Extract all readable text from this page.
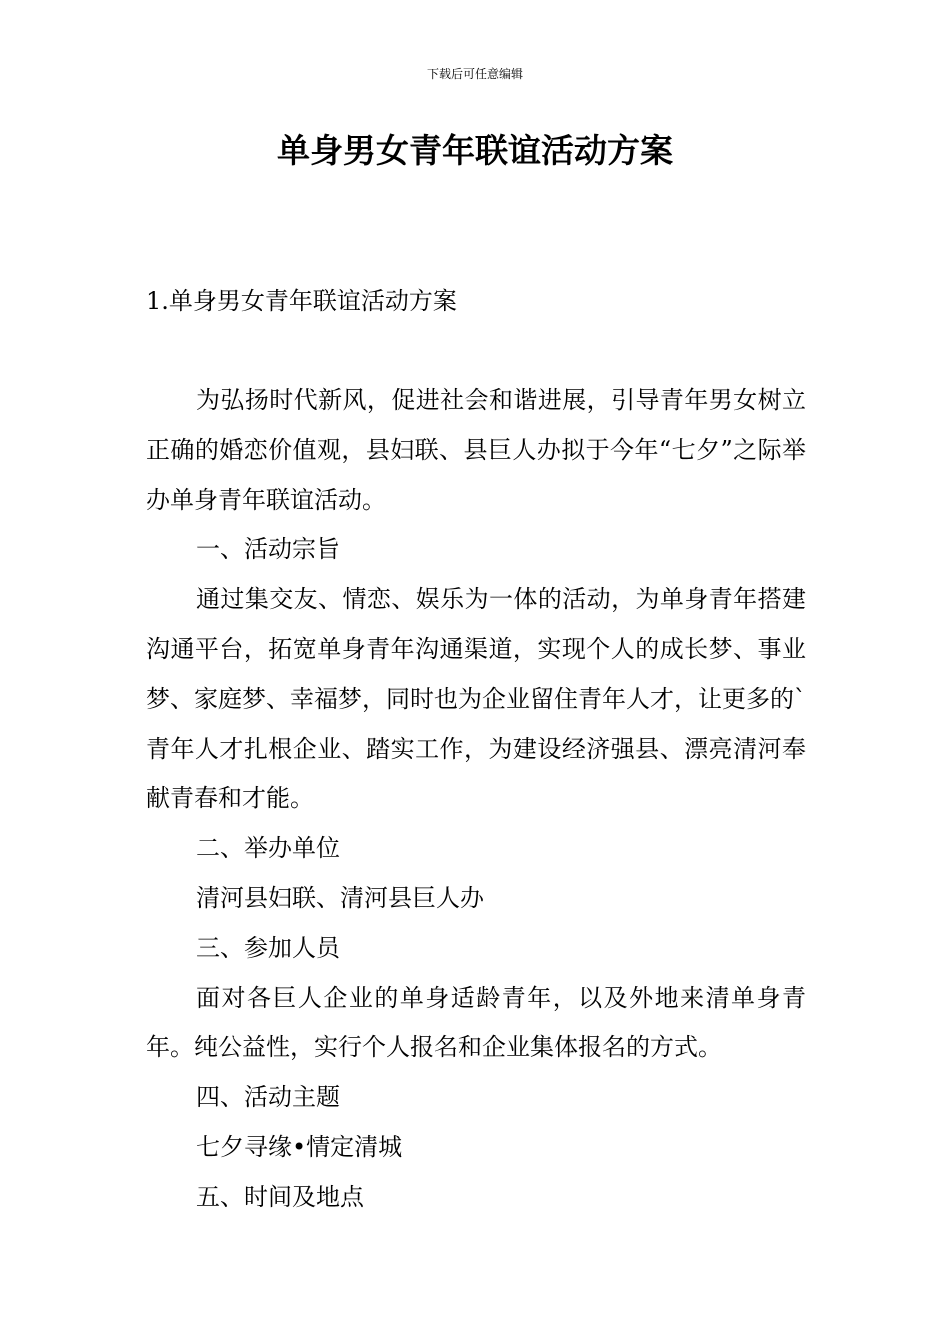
下载后可任意编辑
单身男女青年联谊活动方案
1.单身男女青年联谊活动方案

为弘扬时代新风，促进社会和谐进展，引导青年男女树立正确的婚恋价值观，县妇联、县巨人办拟于今年“七夕”之际举办单身青年联谊活动。

一、活动宗旨

通过集交友、情恋、娱乐为一体的活动，为单身青年搭建沟通平台，拓宽单身青年沟通渠道，实现个人的成长梦、事业梦、家庭梦、幸福梦，同时也为企业留住青年人才，让更多的`青年人才扎根企业、踏实工作，为建设经济强县、漂亮清河奉献青春和才能。

二、举办单位

清河县妇联、清河县巨人办

三、参加人员

面对各巨人企业的单身适龄青年，以及外地来清单身青年。纯公益性，实行个人报名和企业集体报名的方式。

四、活动主题

七夕寻缘•情定清城

五、时间及地点
